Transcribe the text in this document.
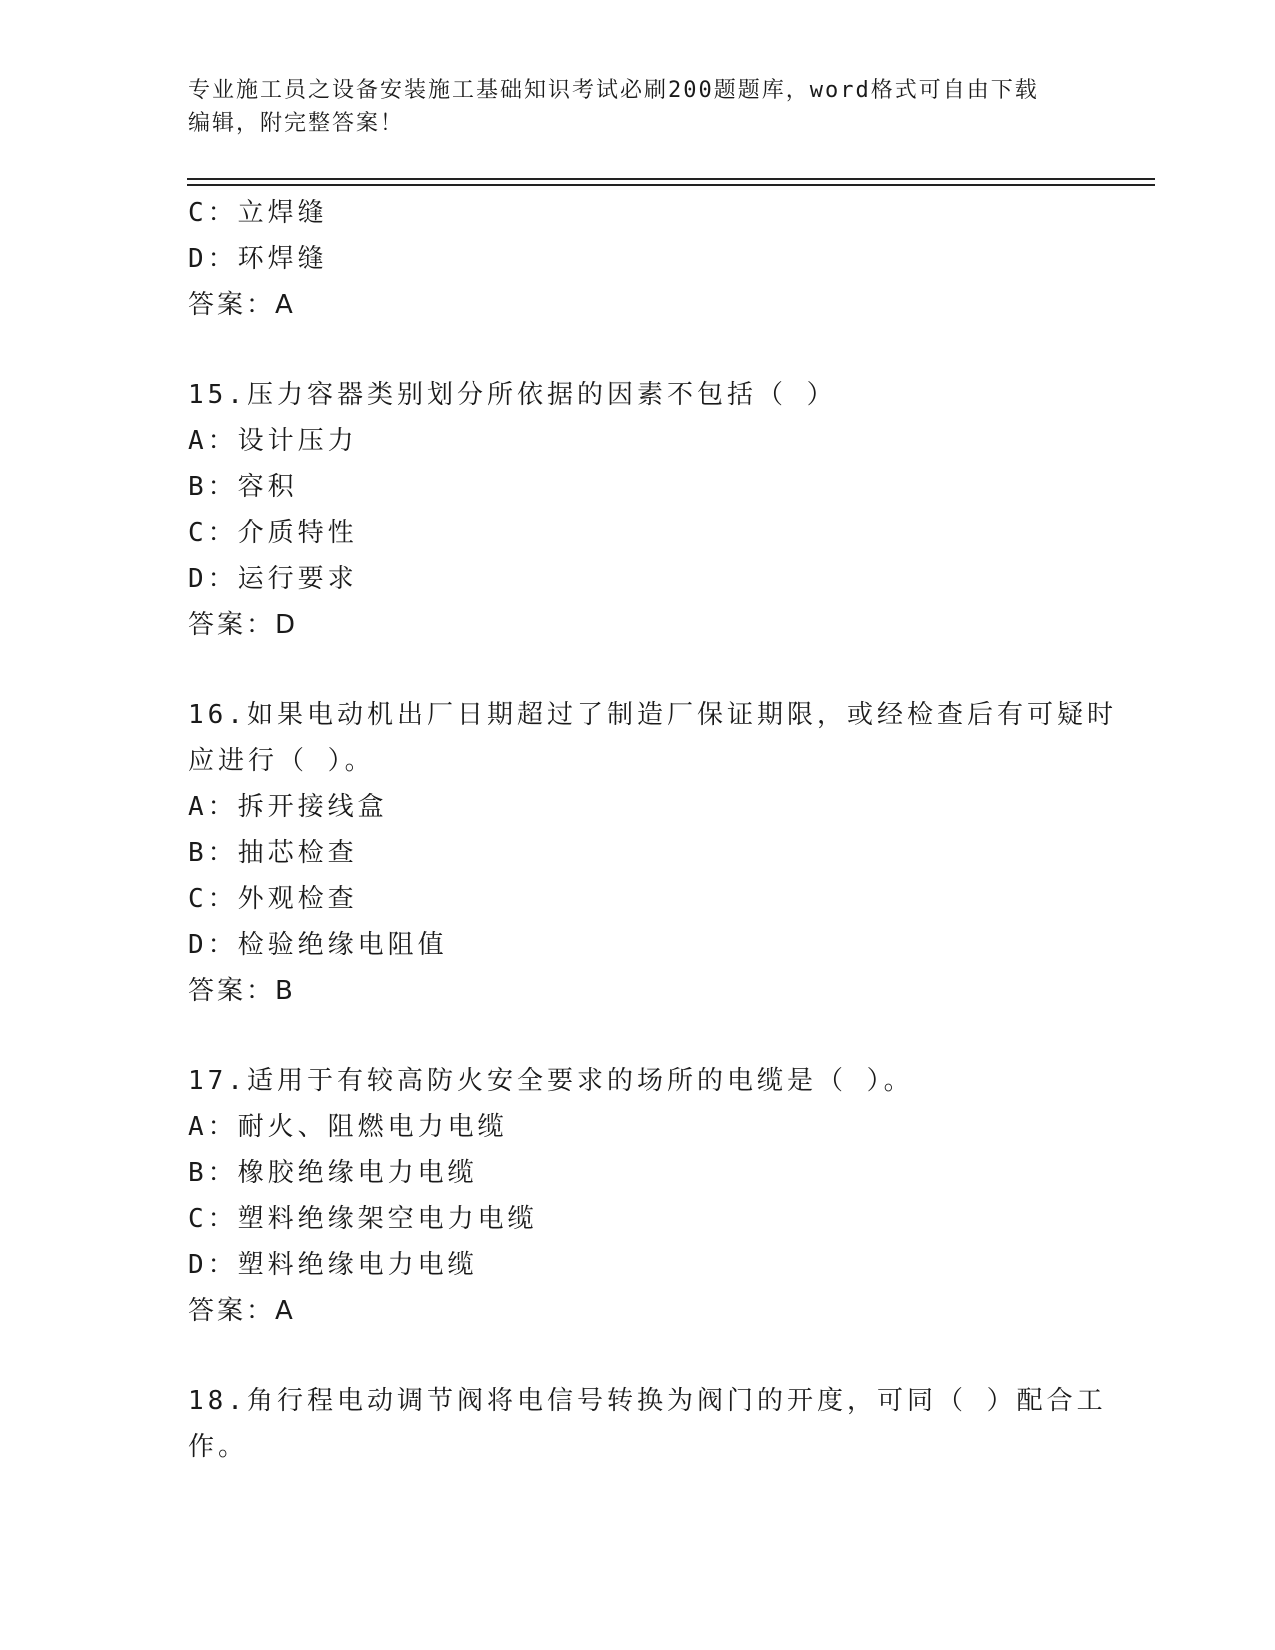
专业施工员之设备安装施工基础知识考试必刷200题题库，word格式可自由下载
编辑，附完整答案！
C：立焊缝
D：环焊缝
答案：A
15.压力容器类别划分所依据的因素不包括（ ）
A：设计压力
B：容积
C：介质特性
D：运行要求
答案：D
16.如果电动机出厂日期超过了制造厂保证期限，或经检查后有可疑时
应进行（ ）。
A：拆开接线盒
B：抽芯检查
C：外观检查
D：检验绝缘电阻值
答案：B
17.适用于有较高防火安全要求的场所的电缆是（ ）。
A：耐火、阻燃电力电缆
B：橡胶绝缘电力电缆
C：塑料绝缘架空电力电缆
D：塑料绝缘电力电缆
答案：A
18.角行程电动调节阀将电信号转换为阀门的开度，可同（ ）配合工
作。
